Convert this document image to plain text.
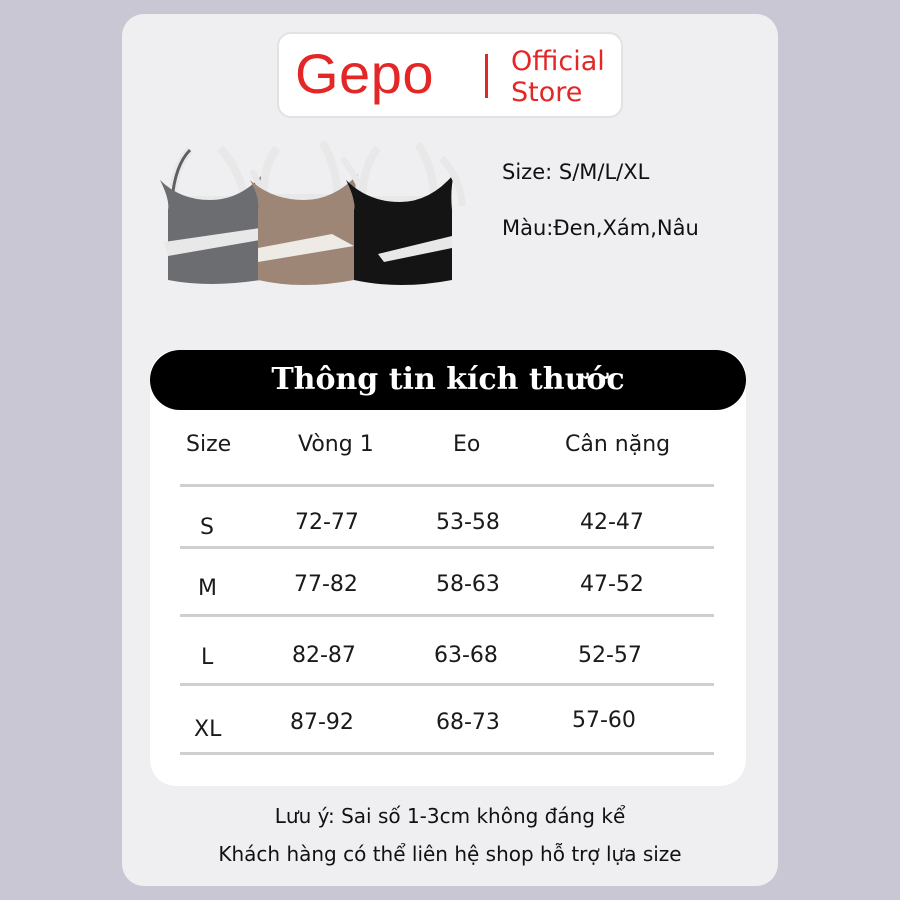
Gepo	Official
Store
Size: S/M/L/XL
Màu:Đen,Xám,Nâu
Thông tin kích thước
Size	Vòng 1	Eo	Cân nặng
S	72-77	53-58	42-47
M	77-82	58-63	47-52
L	82-87	63-68	52-57
XL	87-92	68-73	57-60
Lưu ý: Sai số 1-3cm không đáng kể
Khách hàng có thể liên hệ shop hỗ trợ lựa size
